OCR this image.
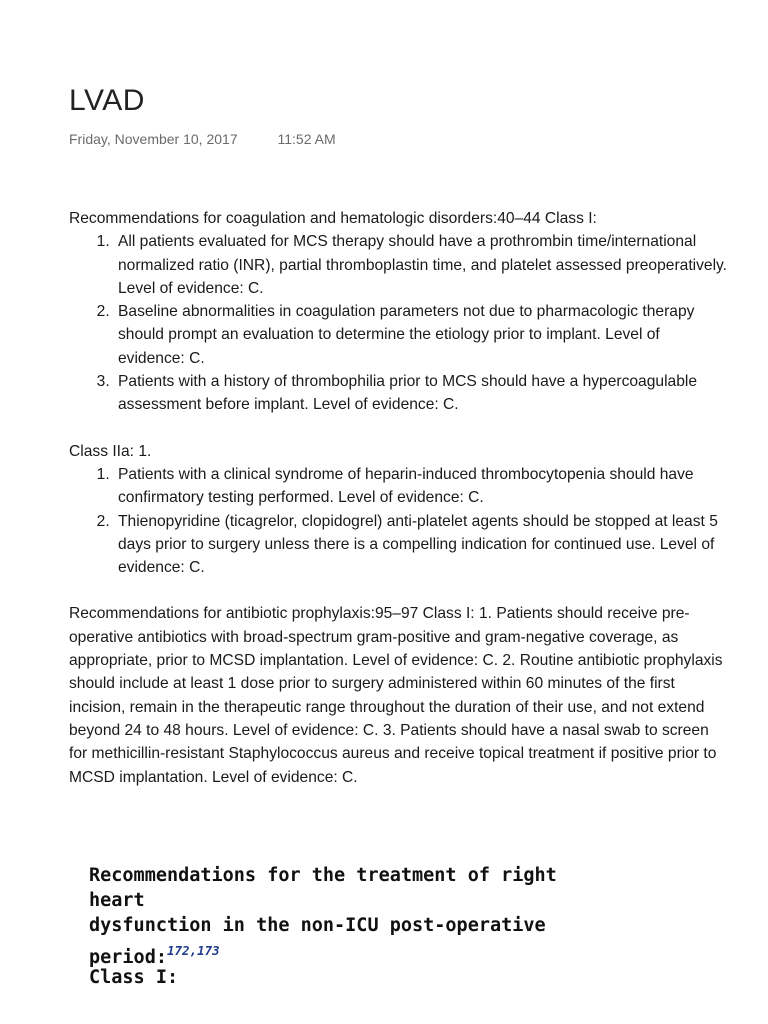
LVAD
Friday, November 10, 2017	11:52 AM

Recommendations for coagulation and hematologic disorders:40–44 Class I:

1. All patients evaluated for MCS therapy should have a prothrombin time/international normalized ratio (INR), partial thromboplastin time, and platelet assessed preoperatively. Level of evidence: C.
2. Baseline abnormalities in coagulation parameters not due to pharmacologic therapy should prompt an evaluation to determine the etiology prior to implant. Level of evidence: C.
3. Patients with a history of thrombophilia prior to MCS should have a hypercoagulable assessment before implant. Level of evidence: C.

Class IIa: 1.

1. Patients with a clinical syndrome of heparin-induced thrombocytopenia should have confirmatory testing performed. Level of evidence: C.
2. Thienopyridine (ticagrelor, clopidogrel) anti-platelet agents should be stopped at least 5 days prior to surgery unless there is a compelling indication for continued use. Level of evidence: C.

Recommendations for antibiotic prophylaxis:95–97 Class I: 1. Patients should receive pre-operative antibiotics with broad-spectrum gram-positive and gram-negative coverage, as appropriate, prior to MCSD implantation. Level of evidence: C. 2. Routine antibiotic prophylaxis should include at least 1 dose prior to surgery administered within 60 minutes of the first incision, remain in the therapeutic range throughout the duration of their use, and not extend beyond 24 to 48 hours. Level of evidence: C. 3. Patients should have a nasal swab to screen for methicillin-resistant Staphylococcus aureus and receive topical treatment if positive prior to MCSD implantation. Level of evidence: C.

Recommendations for the treatment of right heart
dysfunction in the non-ICU post-operative
period:$^{172,173}$
Class I:
